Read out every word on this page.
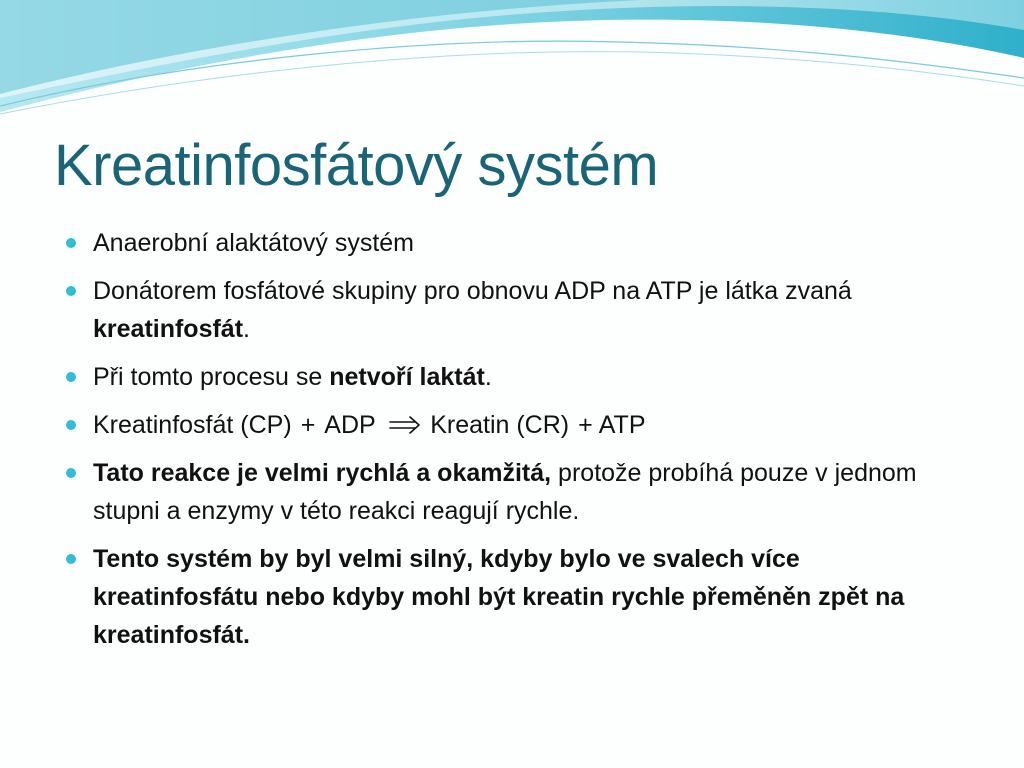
Kreatinfosfátový systém
Anaerobní alaktátový systém
Donátorem fosfátové skupiny pro obnovu ADP na ATP je látka zvaná kreatinfosfát.
Při tomto procesu se netvoří laktát.
Kreatinfosfát (CP) + ADP Kreatin (CR) + ATP
Tato reakce je velmi rychlá a okamžitá, protože probíhá pouze v jednom stupni a enzymy v této reakci reagují rychle.
Tento systém by byl velmi silný, kdyby bylo ve svalech více kreatinfosfátu nebo kdyby mohl být kreatin rychle přeměněn zpět na kreatinfosfát.
